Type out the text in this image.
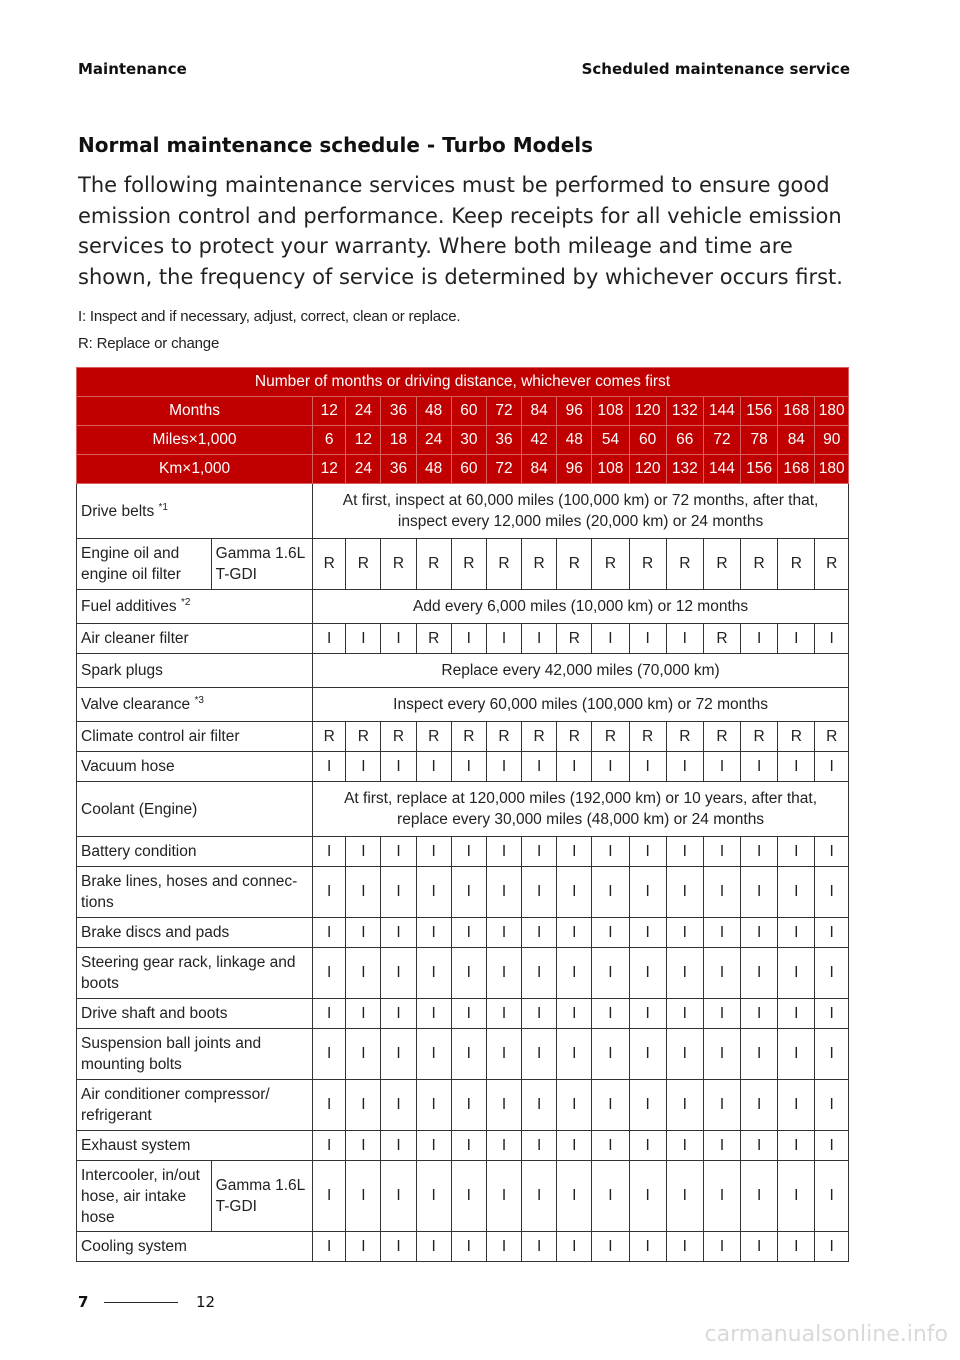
Maintenance	Scheduled maintenance service
Normal maintenance schedule - Turbo Models
The following maintenance services must be performed to ensure good emission control and performance. Keep receipts for all vehicle emission services to protect your warranty. Where both mileage and time are shown, the frequency of service is determined by whichever occurs first.
I: Inspect and if necessary, adjust, correct, clean or replace.
R: Replace or change
Number of months or driving distance, whichever comes first																
Months		12	24	36	48	60	72	84	96	108	120	132	144	156	168	180
Miles×1,000		6	12	18	24	30	36	42	48	54	60	66	72	78	84	90
Km×1,000		12	24	36	48	60	72	84	96	108	120	132	144	156	168	180
Drive belts $^{*1}$		At first, inspect at 60,000 miles (100,000 km) or 72 months, after that, inspect every 12,000 miles (20,000 km) or 24 months														
Engine oil and engine oil filter	Gamma 1.6L T-GDI	R	R	R	R	R	R	R	R	R	R	R	R	R	R	R
Fuel additives $^{*2}$		Add every 6,000 miles (10,000 km) or 12 months														
Air cleaner filter		I	I	I	R	I	I	I	R	I	I	I	R	I	I	I
Spark plugs		Replace every 42,000 miles (70,000 km)														
Valve clearance $^{*3}$		Inspect every 60,000 miles (100,000 km) or 72 months														
Climate control air filter		R	R	R	R	R	R	R	R	R	R	R	R	R	R	R
Vacuum hose		I	I	I	I	I	I	I	I	I	I	I	I	I	I	I
Coolant (Engine)		At first, replace at 120,000 miles (192,000 km) or 10 years, after that, replace every 30,000 miles (48,000 km) or 24 months														
Battery condition		I	I	I	I	I	I	I	I	I	I	I	I	I	I	I
Brake lines, hoses and connec-tions		I	I	I	I	I	I	I	I	I	I	I	I	I	I	I
Brake discs and pads		I	I	I	I	I	I	I	I	I	I	I	I	I	I	I
Steering gear rack, linkage and boots		I	I	I	I	I	I	I	I	I	I	I	I	I	I	I
Drive shaft and boots		I	I	I	I	I	I	I	I	I	I	I	I	I	I	I
Suspension ball joints and mounting bolts		I	I	I	I	I	I	I	I	I	I	I	I	I	I	I
Air conditioner compressor/ refrigerant		I	I	I	I	I	I	I	I	I	I	I	I	I	I	I
Exhaust system		I	I	I	I	I	I	I	I	I	I	I	I	I	I	I
Intercooler, in/out hose, air intake hose	Gamma 1.6L T-GDI	I	I	I	I	I	I	I	I	I	I	I	I	I	I	I
Cooling system		I	I	I	I	I	I	I	I	I	I	I	I	I	I	I
7	12
carmanualsonline.info
